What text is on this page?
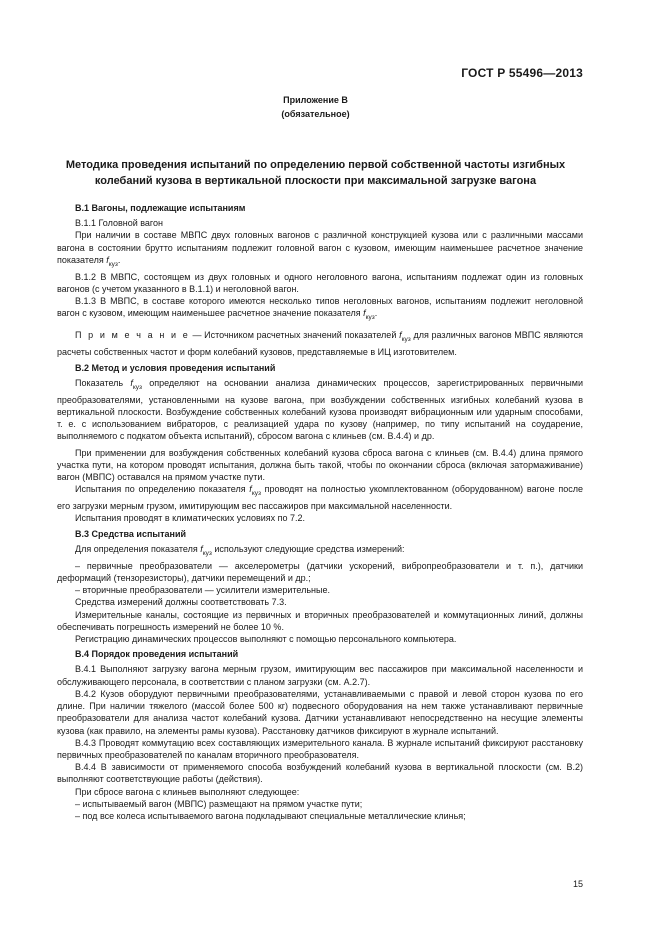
ГОСТ Р 55496—2013
Приложение В
(обязательное)
Методика проведения испытаний по определению первой собственной частоты изгибных колебаний кузова в вертикальной плоскости при максимальной загрузке вагона

В.1 Вагоны, подлежащие испытаниям

В.1.1 Головной вагон

При наличии в составе МВПС двух головных вагонов с различной конструкцией кузова или с различными массами вагона в состоянии брутто испытаниям подлежит головной вагон с кузовом, имеющим наименьшее расчетное значение показателя $f_{куз}$.

В.1.2 В МВПС, состоящем из двух головных и одного неголовного вагона, испытаниям подлежат один из головных вагонов (с учетом указанного в В.1.1) и неголовной вагон.

В.1.3 В МВПС, в составе которого имеются несколько типов неголовных вагонов, испытаниям подлежит неголовной вагон с кузовом, имеющим наименьшее расчетное значение показателя $f_{куз}$.

П р и м е ч а н и е — Источником расчетных значений показателей $f_{куз}$ для различных вагонов МВПС являются расчеты собственных частот и форм колебаний кузовов, представляемые в ИЦ изготовителем.

В.2 Метод и условия проведения испытаний

Показатель $f_{куз}$ определяют на основании анализа динамических процессов, зарегистрированных первичными преобразователями, установленными на кузове вагона, при возбуждении собственных изгибных колебаний кузова в вертикальной плоскости. Возбуждение собственных колебаний кузова производят вибрационным или ударным способами, т. е. с использованием вибраторов, с реализацией удара по кузову (например, по типу испытаний на соударение, выполняемого с подкатом объекта испытаний), сбросом вагона с клиньев (см. В.4.4) и др.

При применении для возбуждения собственных колебаний кузова сброса вагона с клиньев (см. В.4.4) длина прямого участка пути, на котором проводят испытания, должна быть такой, чтобы по окончании сброса (включая затормаживание) вагон (МВПС) оставался на прямом участке пути.

Испытания по определению показателя $f_{куз}$ проводят на полностью укомплектованном (оборудованном) вагоне после его загрузки мерным грузом, имитирующим вес пассажиров при максимальной населенности.

Испытания проводят в климатических условиях по 7.2.

В.3 Средства испытаний

Для определения показателя $f_{куз}$ используют следующие средства измерений:

– первичные преобразователи — акселерометры (датчики ускорений, вибропреобразователи и т. п.), датчики деформаций (тензорезисторы), датчики перемещений и др.;

– вторичные преобразователи — усилители измерительные.

Средства измерений должны соответствовать 7.3.

Измерительные каналы, состоящие из первичных и вторичных преобразователей и коммутационных линий, должны обеспечивать погрешность измерений не более 10 %.

Регистрацию динамических процессов выполняют с помощью персонального компьютера.

В.4 Порядок проведения испытаний

В.4.1 Выполняют загрузку вагона мерным грузом, имитирующим вес пассажиров при максимальной населенности и обслуживающего персонала, в соответствии с планом загрузки (см. А.2.7).

В.4.2 Кузов оборудуют первичными преобразователями, устанавливаемыми с правой и левой сторон кузова по его длине. При наличии тяжелого (массой более 500 кг) подвесного оборудования на нем также устанавливают первичные преобразователи для анализа частот колебаний кузова. Датчики устанавливают непосредственно на несущие элементы кузова (как правило, на элементы рамы кузова). Расстановку датчиков фиксируют в журнале испытаний.

В.4.3 Проводят коммутацию всех составляющих измерительного канала. В журнале испытаний фиксируют расстановку первичных преобразователей по каналам вторичного преобразователя.

В.4.4 В зависимости от применяемого способа возбуждений колебаний кузова в вертикальной плоскости (см. В.2) выполняют соответствующие работы (действия).

При сбросе вагона с клиньев выполняют следующее:

– испытываемый вагон (МВПС) размещают на прямом участке пути;

– под все колеса испытываемого вагона подкладывают специальные металлические клинья;

15
